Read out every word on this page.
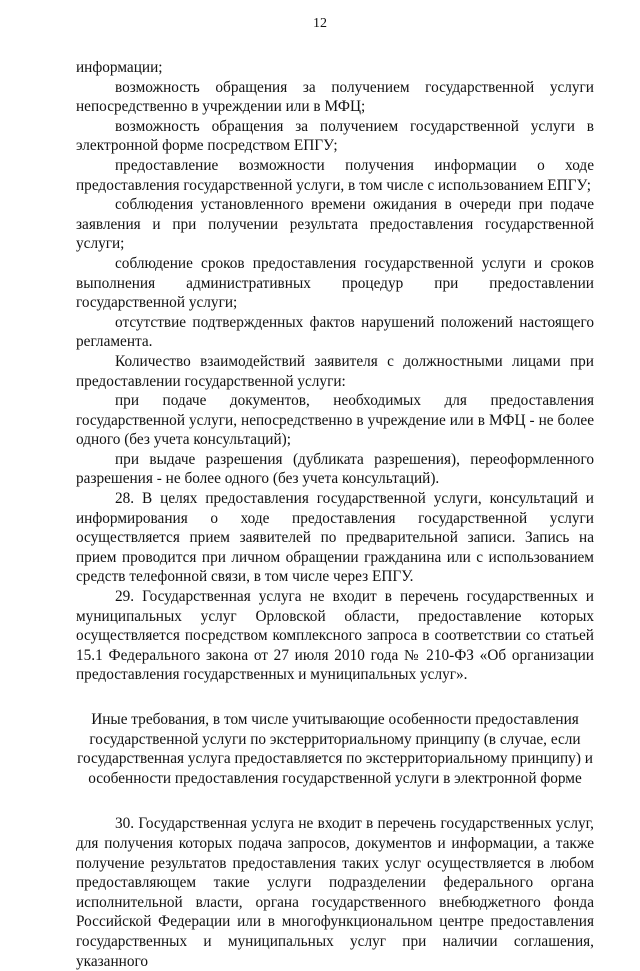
12

информации;

возможность обращения за получением государственной услуги непосредственно в учреждении или в МФЦ;

возможность обращения за получением государственной услуги в электронной форме посредством ЕПГУ;

предоставление возможности получения информации о ходе предоставления государственной услуги, в том числе с использованием ЕПГУ;

соблюдения установленного времени ожидания в очереди при подаче заявления и при получении результата предоставления государственной услуги;

соблюдение сроков предоставления государственной услуги и сроков выполнения административных процедур при предоставлении государственной услуги;

отсутствие подтвержденных фактов нарушений положений настоящего регламента.

Количество взаимодействий заявителя с должностными лицами при предоставлении государственной услуги:

при подаче документов, необходимых для предоставления государственной услуги, непосредственно в учреждение или в МФЦ - не более одного (без учета консультаций);

при выдаче разрешения (дубликата разрешения), переоформленного разрешения - не более одного (без учета консультаций).

28. В целях предоставления государственной услуги, консультаций и информирования о ходе предоставления государственной услуги осуществляется прием заявителей по предварительной записи. Запись на прием проводится при личном обращении гражданина или с использованием средств телефонной связи, в том числе через ЕПГУ.

29. Государственная услуга не входит в перечень государственных и муниципальных услуг Орловской области, предоставление которых осуществляется посредством комплексного запроса в соответствии со статьей 15.1 Федерального закона от 27 июля 2010 года № 210-ФЗ «Об организации предоставления государственных и муниципальных услуг».

Иные требования, в том числе учитывающие особенности предоставления государственной услуги по экстерриториальному принципу (в случае, если государственная услуга предоставляется по экстерриториальному принципу) и особенности предоставления государственной услуги в электронной форме

30. Государственная услуга не входит в перечень государственных услуг, для получения которых подача запросов, документов и информации, а также получение результатов предоставления таких услуг осуществляется в любом предоставляющем такие услуги подразделении федерального органа исполнительной власти, органа государственного внебюджетного фонда Российской Федерации или в многофункциональном центре предоставления государственных и муниципальных услуг при наличии соглашения, указанного
